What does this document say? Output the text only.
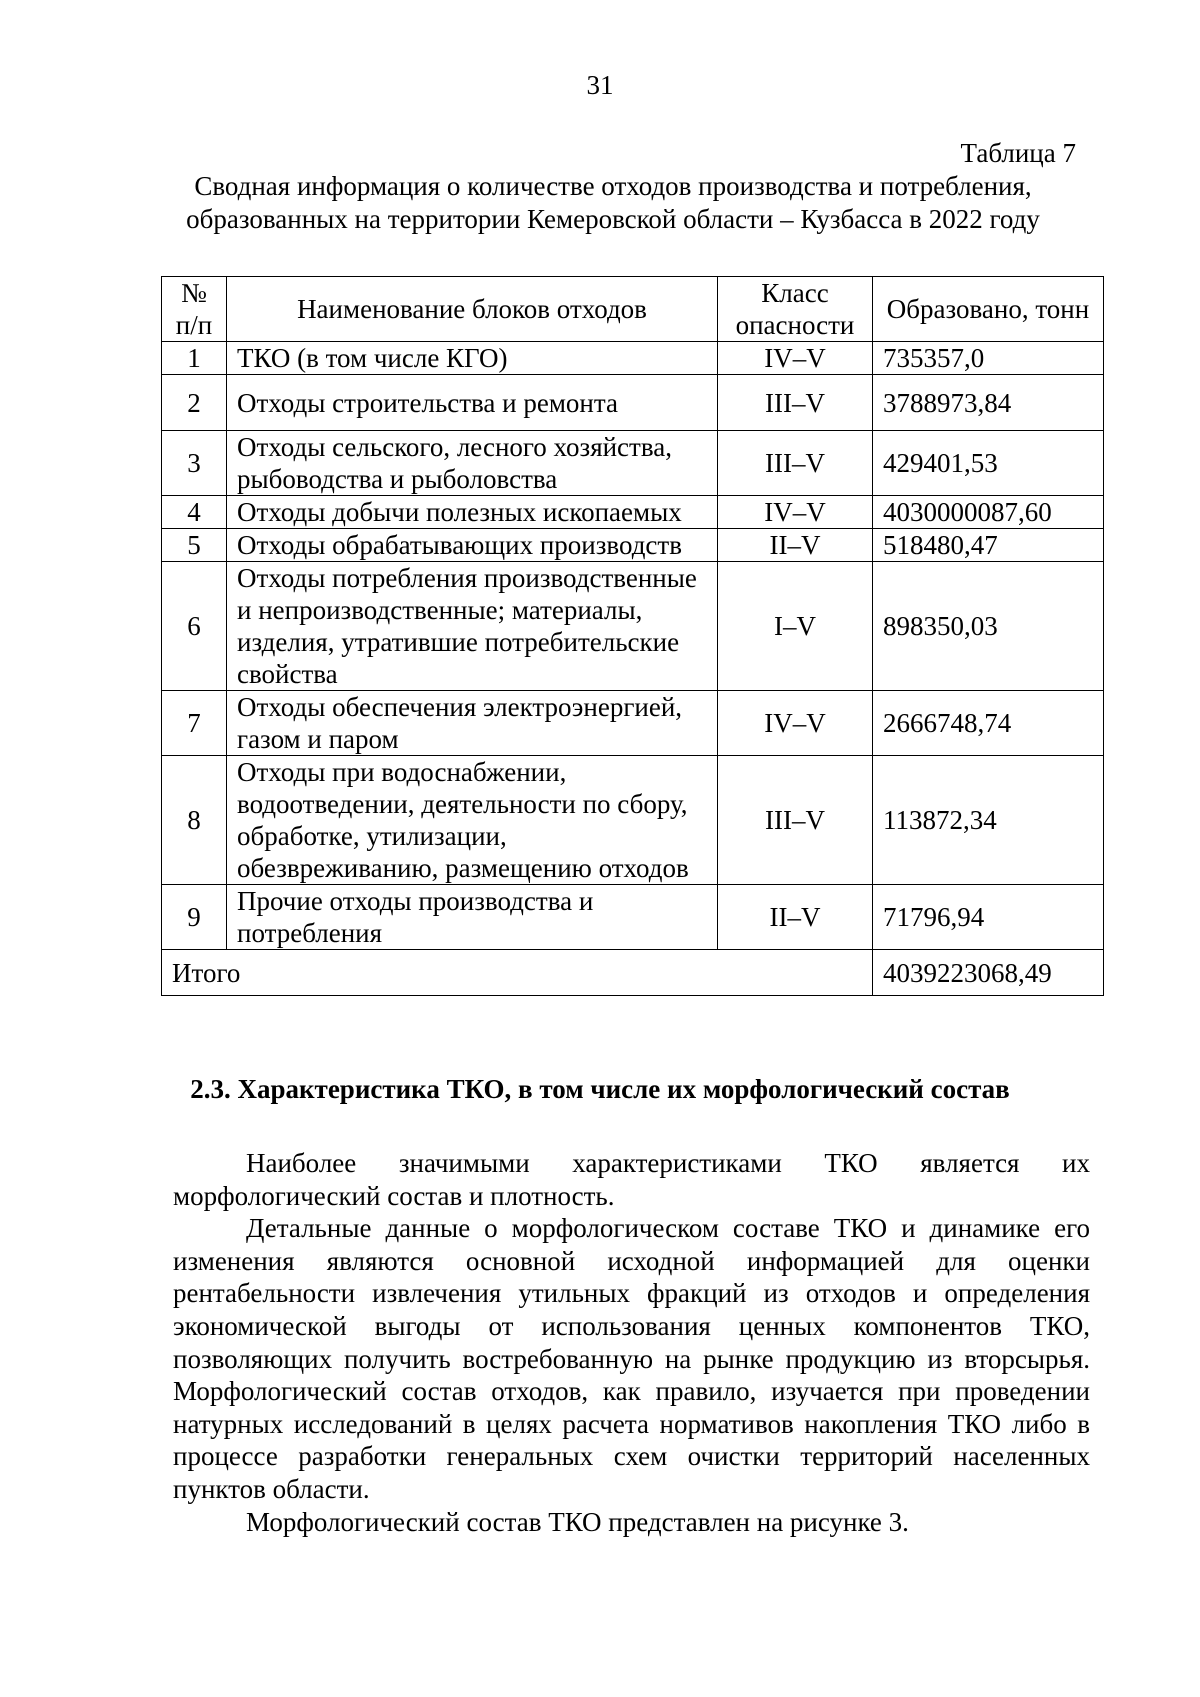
31
Таблица 7
Сводная информация о количестве отходов производства и потребления, образованных на территории Кемеровской области – Кузбасса в 2022 году
№ п/п	Наименование блоков отходов	Класс опасности	Образовано, тонн
1	ТКО (в том числе КГО)	IV–V	735357,0
2	Отходы строительства и ремонта	III–V	3788973,84
3	Отходы сельского, лесного хозяйства, рыбоводства и рыболовства	III–V	429401,53
4	Отходы добычи полезных ископаемых	IV–V	4030000087,60
5	Отходы обрабатывающих производств	II–V	518480,47
6	Отходы потребления производственные и непроизводственные; материалы, изделия, утратившие потребительские свойства	I–V	898350,03
7	Отходы обеспечения электроэнергией, газом и паром	IV–V	2666748,74
8	Отходы при водоснабжении, водоотведении, деятельности по сбору, обработке, утилизации, обезвреживанию, размещению отходов	III–V	113872,34
9	Прочие отходы производства и потребления	II–V	71796,94
Итого			4039223068,49
2.3. Характеристика ТКО, в том числе их морфологический состав

Наиболее значимыми характеристиками ТКО является их морфологический состав и плотность.

Детальные данные о морфологическом составе ТКО и динамике его изменения являются основной исходной информацией для оценки рентабельности извлечения утильных фракций из отходов и определения экономической выгоды от использования ценных компонентов ТКО, позволяющих получить востребованную на рынке продукцию из вторсырья. Морфологический состав отходов, как правило, изучается при проведении натурных исследований в целях расчета нормативов накопления ТКО либо в процессе разработки генеральных схем очистки территорий населенных пунктов области.

Морфологический состав ТКО представлен на рисунке 3.
